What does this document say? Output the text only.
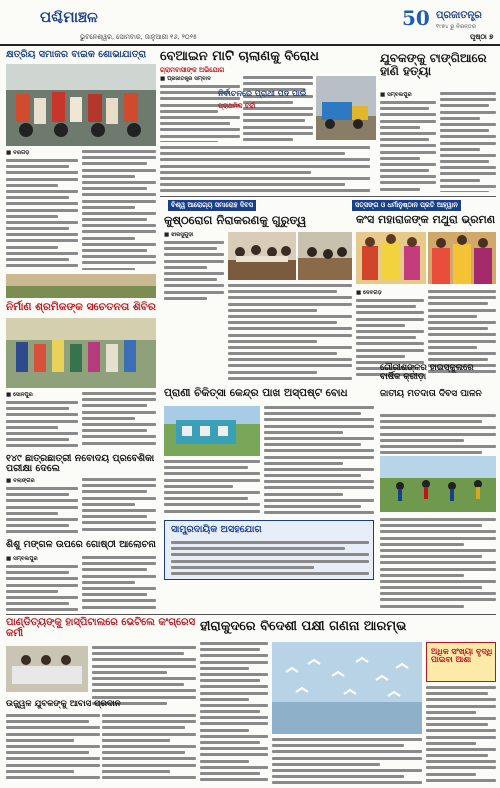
ପଶ୍ଚିମାଞ୍ଚଳ
ଭୁବନେଶ୍ୱର, ସୋମବାର, ଜାନୁଆରୀ ୧୬, ୨୦୨୫	ପୃଷ୍ଠା ୭
50 ପ୍ରଜାତନ୍ତ୍ର
୧୯୭୪ ରୁ ନିରନ୍ତର
କ୍ଷତ୍ରିୟ ସମାଜର ବାଇକ ଶୋଭାଯାତ୍ରା	ବେଆଇନ ମାଟି ଚାଲାଣକୁ ବିରୋଧ
ଗ୍ରାମବାସୀଙ୍କ ଅଭିଯୋଗ
■ ପ୍ରଜାତନ୍ତ୍ର ସମ୍ବାଦ
ନିର୍ବାଚନରେ ପ୍ରାଥୀ ପଦ ପାଇଁ
ପ୍ରାଥମିକ ଚର୍ଚ୍ଚା
ଯୁବକଙ୍କୁ ଟାଙ୍ଗିଆରେ ହାଣି ହତ୍ୟା
■ ସମ୍ବଲପୁର
■ ବରଗଡ଼
ବିଶ୍ୱ ଆରୋଗ୍ୟ ସମାରୋହ ଦିବସ	ସତ୍ସଙ୍ଗ ଓ ଧର୍ମାନୁଷ୍ଠାନ ପ୍ରତି ଆହ୍ୱାନ
କୁଷ୍ଠରୋଗ ନିରାକରଣକୁ ଗୁରୁତ୍ୱ	କଂସ ମହାରାଜଙ୍କ ମଥୁରା ଭ୍ରମଣ
■ ଝାରସୁଗୁଡ଼ା
■ ଦେବଗଡ଼
ନିର୍ମାଣ ଶ୍ରମିକଙ୍କ ସଚେତନତା ଶିବିର
■ ସୋନପୁର
୧୪୯ ଛାତ୍ରଛାତ୍ରୀ ନବୋଦୟ ପ୍ରବେଶିକା ପରୀକ୍ଷା ଦେଲେ
■ ବଲାଙ୍ଗିର
ଶିଶୁ ମଙ୍ଗଳ ଉପରେ ଗୋଷ୍ଠୀ ଆଲୋଚନା
■ ସମ୍ବଲପୁର
ପ୍ରାଣୀ ଚିକିତ୍ସା କେନ୍ଦ୍ର ପାଖ ଅସ୍ପଷ୍ଟ ବୋଧ	ଜାତୀୟ ମତଦାତା ଦିବସ ପାଳନ
ଗୌରୀଶଙ୍କର ହାଇସ୍କୁଲରେ ବାର୍ଷିକ କ୍ରୀଡ଼ା
ସାମ୍ପ୍ରଦାୟିକ ଅସହଯୋଗ
ପାଣ୍ଡିତ୍ୟଙ୍କୁ ହାସ୍ପିଟାଲରେ ଭେଟିଲେ କଂଗ୍ରେସ କର୍ମୀ
ଉଜ୍ଜ୍ୱଳ ଯୁବକଙ୍କୁ ଆବାସ ପ୍ରଦାନ
ହୀରାକୁଦରେ ବିଦେଶୀ ପକ୍ଷୀ ଗଣନା ଆରମ୍ଭ
ଅଧିକ ସଂଖ୍ୟା ବୃଦ୍ଧି ପାଇବା ଆଶା
